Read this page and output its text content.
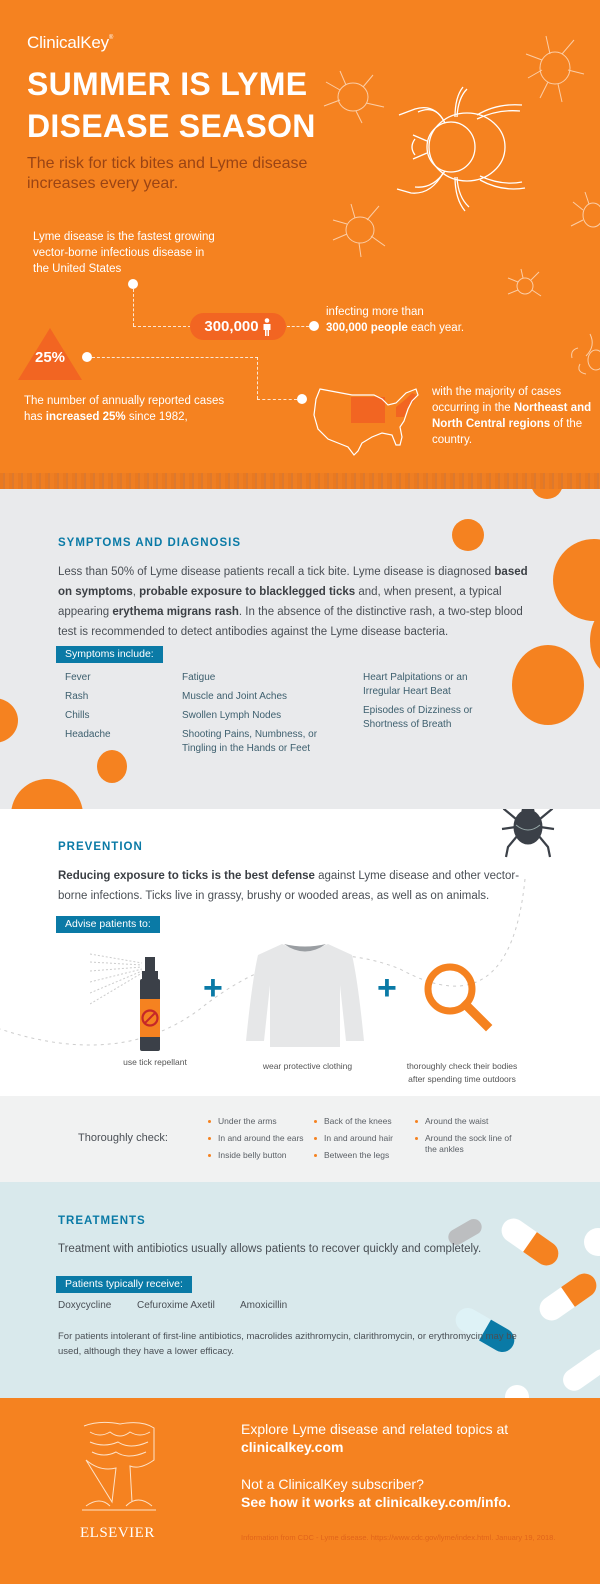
ClinicalKey®
SUMMER IS LYME
DISEASE SEASON
The risk for tick bites and Lyme disease increases every year.
Lyme disease is the fastest growing vector-borne infectious disease in the United States
300,000
infecting more than
300,000 people each year.
25%
The number of annually reported cases has increased 25% since 1982,
with the majority of cases occurring in the Northeast and North Central regions of the country.
SYMPTOMS AND DIAGNOSIS
Less than 50% of Lyme disease patients recall a tick bite. Lyme disease is diagnosed based on symptoms, probable exposure to blacklegged ticks and, when present, a typical appearing erythema migrans rash. In the absence of the distinctive rash, a two-step blood test is recommended to detect antibodies against the Lyme disease bacteria.
Symptoms include:
Fever
Rash
Chills
Headache
Fatigue
Muscle and Joint Aches
Swollen Lymph Nodes
Shooting Pains, Numbness, or Tingling in the Hands or Feet
Heart Palpitations or an Irregular Heart Beat
Episodes of Dizziness or Shortness of Breath
PREVENTION
Reducing exposure to ticks is the best defense against Lyme disease and other vector-borne infections. Ticks live in grassy, brushy or wooded areas, as well as on animals.
Advise patients to:
+	+
use tick repellant	wear protective clothing	thoroughly check their bodies after spending time outdoors
Thoroughly check:
Under the arms
In and around the ears
Inside belly button
Back of the knees
In and around hair
Between the legs
Around the waist
Around the sock line of the ankles
TREATMENTS
Treatment with antibiotics usually allows patients to recover quickly and completely.
Patients typically receive:
Doxycycline	Cefuroxime Axetil	Amoxicillin
For patients intolerant of first-line antibiotics, macrolides azithromycin, clarithromycin, or erythromycin may be used, although they have a lower efficacy.
ELSEVIER
Explore Lyme disease and related topics at
clinicalkey.com
Not a ClinicalKey subscriber?
See how it works at clinicalkey.com/info.
Information from CDC - Lyme disease. https://www.cdc.gov/lyme/index.html. January 19, 2018.
